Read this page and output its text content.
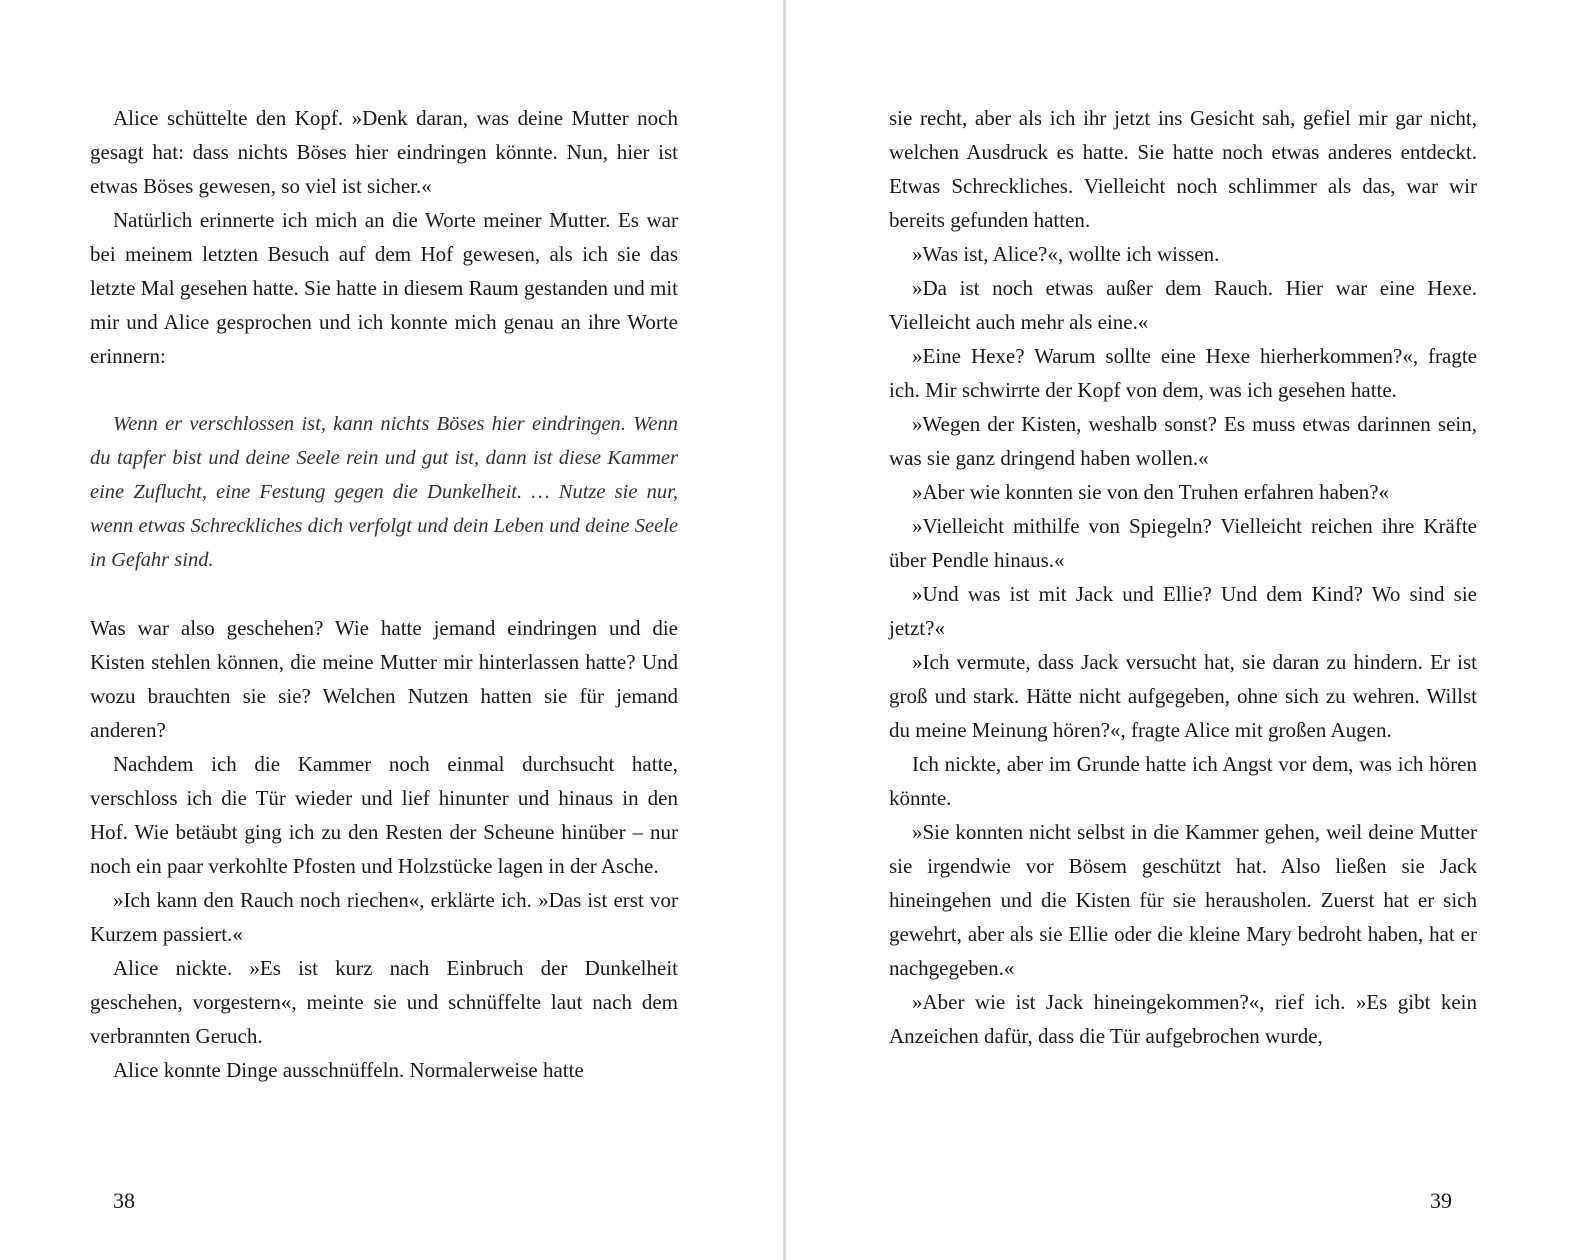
Alice schüttelte den Kopf. »Denk daran, was deine Mutter noch gesagt hat: dass nichts Böses hier eindringen könnte. Nun, hier ist etwas Böses gewesen, so viel ist sicher.«

Natürlich erinnerte ich mich an die Worte meiner Mutter. Es war bei meinem letzten Besuch auf dem Hof gewesen, als ich sie das letzte Mal gesehen hatte. Sie hatte in diesem Raum gestanden und mit mir und Alice gesprochen und ich konnte mich genau an ihre Worte erinnern:

Wenn er verschlossen ist, kann nichts Böses hier eindringen. Wenn du tapfer bist und deine Seele rein und gut ist, dann ist diese Kammer eine Zuflucht, eine Festung gegen die Dunkelheit. … Nutze sie nur, wenn etwas Schreckliches dich verfolgt und dein Leben und deine Seele in Gefahr sind.

Was war also geschehen? Wie hatte jemand eindringen und die Kisten stehlen können, die meine Mutter mir hinterlassen hatte? Und wozu brauchten sie sie? Welchen Nutzen hatten sie für jemand anderen?

Nachdem ich die Kammer noch einmal durchsucht hatte, verschloss ich die Tür wieder und lief hinunter und hinaus in den Hof. Wie betäubt ging ich zu den Resten der Scheune hinüber – nur noch ein paar verkohlte Pfosten und Holzstücke lagen in der Asche.

»Ich kann den Rauch noch riechen«, erklärte ich. »Das ist erst vor Kurzem passiert.«

Alice nickte. »Es ist kurz nach Einbruch der Dunkelheit geschehen, vorgestern«, meinte sie und schnüffelte laut nach dem verbrannten Geruch.

Alice konnte Dinge ausschnüffeln. Normalerweise hatte

sie recht, aber als ich ihr jetzt ins Gesicht sah, gefiel mir gar nicht, welchen Ausdruck es hatte. Sie hatte noch etwas anderes entdeckt. Etwas Schreckliches. Vielleicht noch schlimmer als das, war wir bereits gefunden hatten.

»Was ist, Alice?«, wollte ich wissen.

»Da ist noch etwas außer dem Rauch. Hier war eine Hexe. Vielleicht auch mehr als eine.«

»Eine Hexe? Warum sollte eine Hexe hierherkommen?«, fragte ich. Mir schwirrte der Kopf von dem, was ich gesehen hatte.

»Wegen der Kisten, weshalb sonst? Es muss etwas darinnen sein, was sie ganz dringend haben wollen.«

»Aber wie konnten sie von den Truhen erfahren haben?«

»Vielleicht mithilfe von Spiegeln? Vielleicht reichen ihre Kräfte über Pendle hinaus.«

»Und was ist mit Jack und Ellie? Und dem Kind? Wo sind sie jetzt?«

»Ich vermute, dass Jack versucht hat, sie daran zu hindern. Er ist groß und stark. Hätte nicht aufgegeben, ohne sich zu wehren. Willst du meine Meinung hören?«, fragte Alice mit großen Augen.

Ich nickte, aber im Grunde hatte ich Angst vor dem, was ich hören könnte.

»Sie konnten nicht selbst in die Kammer gehen, weil deine Mutter sie irgendwie vor Bösem geschützt hat. Also ließen sie Jack hineingehen und die Kisten für sie herausholen. Zuerst hat er sich gewehrt, aber als sie Ellie oder die kleine Mary bedroht haben, hat er nachgegeben.«

»Aber wie ist Jack hineingekommen?«, rief ich. »Es gibt kein Anzeichen dafür, dass die Tür aufgebrochen wurde,

38	39
